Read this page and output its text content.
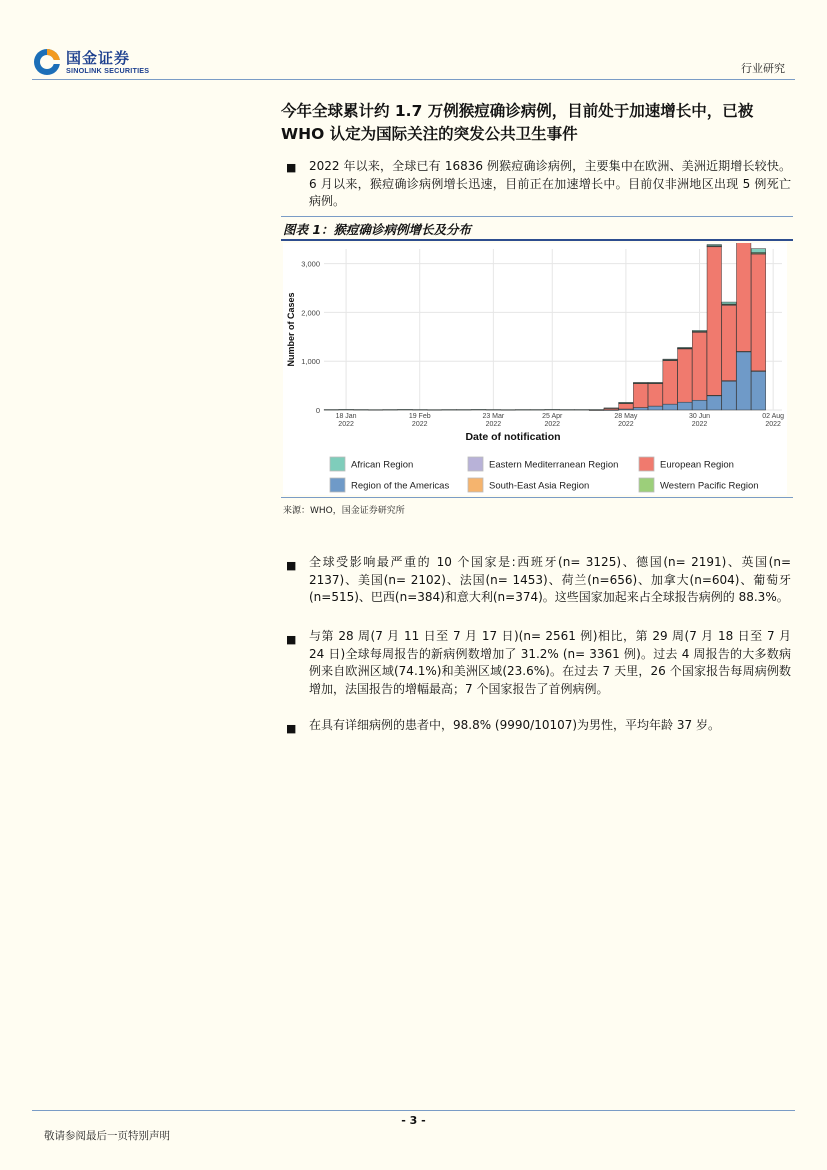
国金证券
SINOLINK SECURITIES	行业研究
今年全球累计约 1.7 万例猴痘确诊病例，目前处于加速增长中，已被 WHO 认定为国际关注的突发公共卫生事件
■ 2022 年以来，全球已有 16836 例猴痘确诊病例，主要集中在欧洲、美洲近期增长较快。6 月以来，猴痘确诊病例增长迅速，目前正在加速增长中。目前仅非洲地区出现 5 例死亡病例。
图表 1：猴痘确诊病例增长及分布
0
1,000
2,000
3,000
18 Jan
2022
19 Feb
2022
23 Mar
2022
25 Apr
2022
28 May
2022
30 Jun
2022
02 Aug
2022
Date of notification
Number of Cases
African Region	Eastern Mediterranean Region	European Region
Region of the Americas	South-East Asia Region	Western Pacific Region
来源：WHO，国金证券研究所
■ 全球受影响最严重的 10 个国家是:西班牙(n= 3125)、德国(n= 2191)、英国(n= 2137)、美国(n= 2102)、法国(n= 1453)、荷兰(n=656)、加拿大(n=604)、葡萄牙(n=515)、巴西(n=384)和意大利(n=374)。这些国家加起来占全球报告病例的 88.3%。
■ 与第 28 周(7 月 11 日至 7 月 17 日)(n= 2561 例)相比，第 29 周(7 月 18 日至 7 月 24 日)全球每周报告的新病例数增加了 31.2% (n= 3361 例)。过去 4 周报告的大多数病例来自欧洲区域(74.1%)和美洲区域(23.6%)。在过去 7 天里，26 个国家报告每周病例数增加，法国报告的增幅最高；7 个国家报告了首例病例。
■ 在具有详细病例的患者中，98.8% (9990/10107)为男性，平均年龄 37 岁。
- 3 -
敬请参阅最后一页特别声明
